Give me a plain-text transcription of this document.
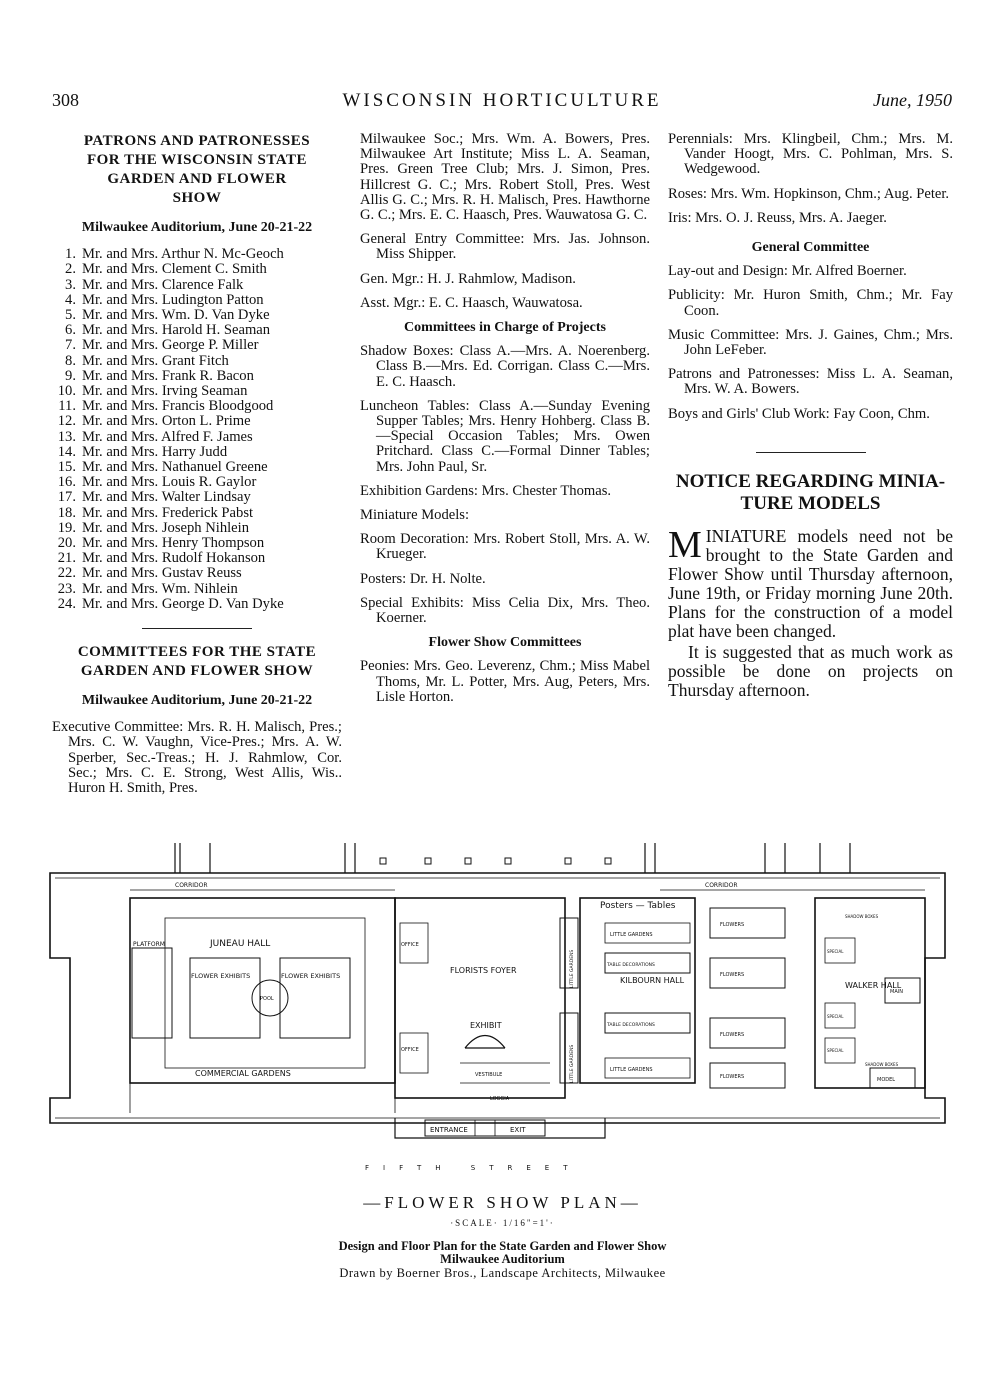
308	WISCONSIN HORTICULTURE	June, 1950
PATRONS AND PATRONESSES
FOR THE WISCONSIN STATE
GARDEN AND FLOWER
SHOW
Milwaukee Auditorium, June 20-21-22
1. Mr. and Mrs. Arthur N. Mc-Geoch
2. Mr. and Mrs. Clement C. Smith
3. Mr. and Mrs. Clarence Falk
4. Mr. and Mrs. Ludington Patton
5. Mr. and Mrs. Wm. D. Van Dyke
6. Mr. and Mrs. Harold H. Seaman
7. Mr. and Mrs. George P. Miller
8. Mr. and Mrs. Grant Fitch
9. Mr. and Mrs. Frank R. Bacon
10. Mr. and Mrs. Irving Seaman
11. Mr. and Mrs. Francis Bloodgood
12. Mr. and Mrs. Orton L. Prime
13. Mr. and Mrs. Alfred F. James
14. Mr. and Mrs. Harry Judd
15. Mr. and Mrs. Nathanuel Greene
16. Mr. and Mrs. Louis R. Gaylor
17. Mr. and Mrs. Walter Lindsay
18. Mr. and Mrs. Frederick Pabst
19. Mr. and Mrs. Joseph Nihlein
20. Mr. and Mrs. Henry Thompson
21. Mr. and Mrs. Rudolf Hokanson
22. Mr. and Mrs. Gustav Reuss
23. Mr. and Mrs. Wm. Nihlein
24. Mr. and Mrs. George D. Van Dyke
COMMITTEES FOR THE STATE
GARDEN AND FLOWER SHOW
Milwaukee Auditorium, June 20-21-22

Executive Committee: Mrs. R. H. Malisch, Pres.; Mrs. C. W. Vaughn, Vice-Pres.; Mrs. A. W. Sperber, Sec.-Treas.; H. J. Rahmlow, Cor. Sec.; Mrs. C. E. Strong, West Allis, Wis.. Huron H. Smith, Pres.

Milwaukee Soc.; Mrs. Wm. A. Bowers, Pres. Milwaukee Art Institute; Miss L. A. Seaman, Pres. Green Tree Club; Mrs. J. Simon, Pres. Hillcrest G. C.; Mrs. Robert Stoll, Pres. West Allis G. C.; Mrs. R. H. Malisch, Pres. Hawthorne G. C.; Mrs. E. C. Haasch, Pres. Wauwatosa G. C.

General Entry Committee: Mrs. Jas. Johnson. Miss Shipper.

Gen. Mgr.: H. J. Rahmlow, Madison.

Asst. Mgr.: E. C. Haasch, Wauwatosa.

Committees in Charge of Projects

Shadow Boxes: Class A.—Mrs. A. Noerenberg. Class B.—Mrs. Ed. Corrigan. Class C.—Mrs. E. C. Haasch.

Luncheon Tables: Class A.—Sunday Evening Supper Tables; Mrs. Henry Hohberg. Class B.—Special Occasion Tables; Mrs. Owen Pritchard. Class C.—Formal Dinner Tables; Mrs. John Paul, Sr.

Exhibition Gardens: Mrs. Chester Thomas.

Miniature Models:

Room Decoration: Mrs. Robert Stoll, Mrs. A. W. Krueger.

Posters: Dr. H. Nolte.

Special Exhibits: Miss Celia Dix, Mrs. Theo. Koerner.

Flower Show Committees

Peonies: Mrs. Geo. Leverenz, Chm.; Miss Mabel Thoms, Mr. L. Potter, Mrs. Aug, Peters, Mrs. Lisle Horton.

Perennials: Mrs. Klingbeil, Chm.; Mrs. M. Vander Hoogt, Mrs. C. Pohlman, Mrs. S. Wedgewood.

Roses: Mrs. Wm. Hopkinson, Chm.; Aug. Peter.

Iris: Mrs. O. J. Reuss, Mrs. A. Jaeger.

General Committee

Lay-out and Design: Mr. Alfred Boerner.

Publicity: Mr. Huron Smith, Chm.; Mr. Fay Coon.

Music Committee: Mrs. J. Gaines, Chm.; Mrs. John LeFeber.

Patrons and Patronesses: Miss L. A. Seaman, Mrs. W. A. Bowers.

Boys and Girls' Club Work: Fay Coon, Chm.

NOTICE REGARDING MINIA-
TURE MODELS

MINIATURE models need not be brought to the State Garden and Flower Show until Thursday afternoon, June 19th, or Friday morning June 20th. Plans for the construction of a model plat have been changed.

It is suggested that as much work as possible be done on projects on Thursday afternoon.

CORRIDOR	CORRIDOR
Posters — Tables
PLATFORM	JUNEAU HALL
FLOWER EXHIBITS	FLOWER EXHIBITS
POOL
COMMERCIAL GARDENS
OFFICE
OFFICE
FLORISTS FOYER
EXHIBIT
VESTIBULE
LOGGIA
ENTRANCE	EXIT
LITTLE GARDENS
LITTLE GARDENS
LITTLE GARDENS
LITTLE GARDENS
TABLE DECORATIONS
TABLE DECORATIONS
KILBOURN HALL
FLOWERS
FLOWERS
FLOWERS
FLOWERS
WALKER HALL
SHADOW BOXES
SHADOW BOXES
SPECIAL
SPECIAL
SPECIAL
MAIN
MODEL
FIFTH STREET
—FLOWER SHOW PLAN—
·SCALE· 1/16"=1'·
Design and Floor Plan for the State Garden and Flower Show
Milwaukee Auditorium
Drawn by Boerner Bros., Landscape Architects, Milwaukee
